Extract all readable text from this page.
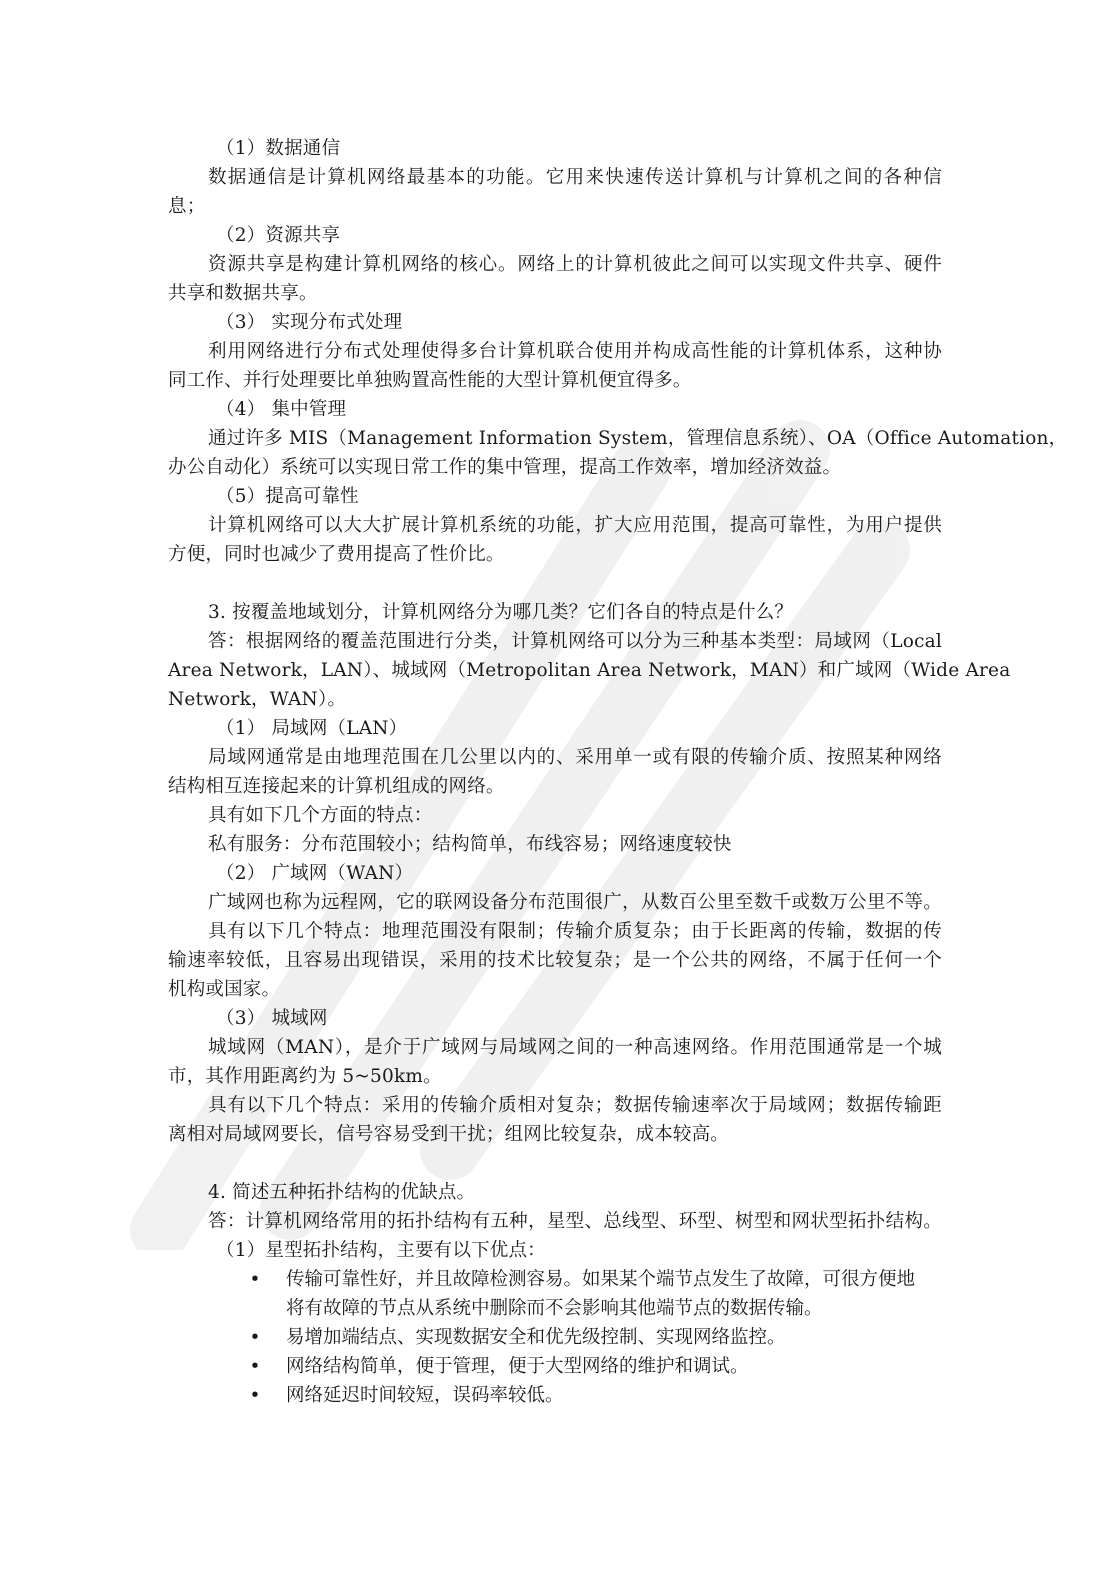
（1）数据通信
数据通信是计算机网络最基本的功能。它用来快速传送计算机与计算机之间的各种信
息；
（2）资源共享
资源共享是构建计算机网络的核心。网络上的计算机彼此之间可以实现文件共享、硬件
共享和数据共享。
（3） 实现分布式处理
利用网络进行分布式处理使得多台计算机联合使用并构成高性能的计算机体系，这种协
同工作、并行处理要比单独购置高性能的大型计算机便宜得多。
（4） 集中管理
通过许多 MIS（Management Information System，管理信息系统）、OA（Office Automation，
办公自动化）系统可以实现日常工作的集中管理，提高工作效率，增加经济效益。
（5）提高可靠性
计算机网络可以大大扩展计算机系统的功能，扩大应用范围，提高可靠性，为用户提供
方便，同时也减少了费用提高了性价比。
3. 按覆盖地域划分，计算机网络分为哪几类？它们各自的特点是什么？
答：根据网络的覆盖范围进行分类，计算机网络可以分为三种基本类型：局域网（Local
Area Network，LAN）、城域网（Metropolitan Area Network，MAN）和广域网（Wide Area
Network，WAN）。
（1） 局域网（LAN）
局域网通常是由地理范围在几公里以内的、采用单一或有限的传输介质、按照某种网络
结构相互连接起来的计算机组成的网络。
具有如下几个方面的特点：
私有服务：分布范围较小；结构简单，布线容易；网络速度较快
（2） 广域网（WAN）
广域网也称为远程网，它的联网设备分布范围很广，从数百公里至数千或数万公里不等。
具有以下几个特点：地理范围没有限制；传输介质复杂；由于长距离的传输，数据的传
输速率较低，且容易出现错误，采用的技术比较复杂；是一个公共的网络，不属于任何一个
机构或国家。
（3） 城域网
城域网（MAN），是介于广域网与局域网之间的一种高速网络。作用范围通常是一个城
市，其作用距离约为 5~50km。
具有以下几个特点：采用的传输介质相对复杂；数据传输速率次于局域网；数据传输距
离相对局域网要长，信号容易受到干扰；组网比较复杂，成本较高。
4. 简述五种拓扑结构的优缺点。
答：计算机网络常用的拓扑结构有五种，星型、总线型、环型、树型和网状型拓扑结构。
（1）星型拓扑结构，主要有以下优点：
• 传输可靠性好，并且故障检测容易。如果某个端节点发生了故障，可很方便地
将有故障的节点从系统中删除而不会影响其他端节点的数据传输。
• 易增加端结点、实现数据安全和优先级控制、实现网络监控。
• 网络结构简单，便于管理，便于大型网络的维护和调试。
• 网络延迟时间较短，误码率较低。
